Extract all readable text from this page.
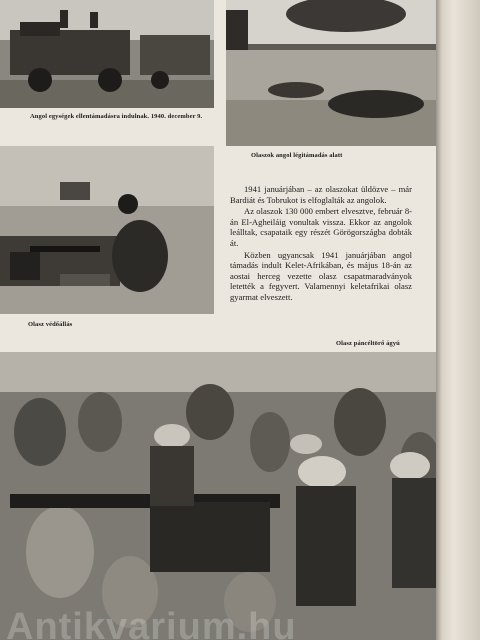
Angol egységek ellentámadásra indulnak. 1940. december 9.
Olaszok angol légitámadás alatt
Olasz védőállás

1941 januárjában – az olaszokat üldözve – már Bardiát és Tobrukot is elfoglalták az angolok.

Az olaszok 130 000 embert elvesztve, február 8-án El-Agheiláig vonultak vissza. Ekkor az angolok leálltak, csapataik egy részét Görögországba dobták át.

Közben ugyancsak 1941 januárjában angol támadás indult Kelet-Afrikában, és május 18-án az aostai herceg vezette olasz csapatmaradványok letették a fegyvert. Valamennyi keletafrikai olasz gyarmat elveszett.

Olasz páncéltörő ágyú
Antikvarium.hu
